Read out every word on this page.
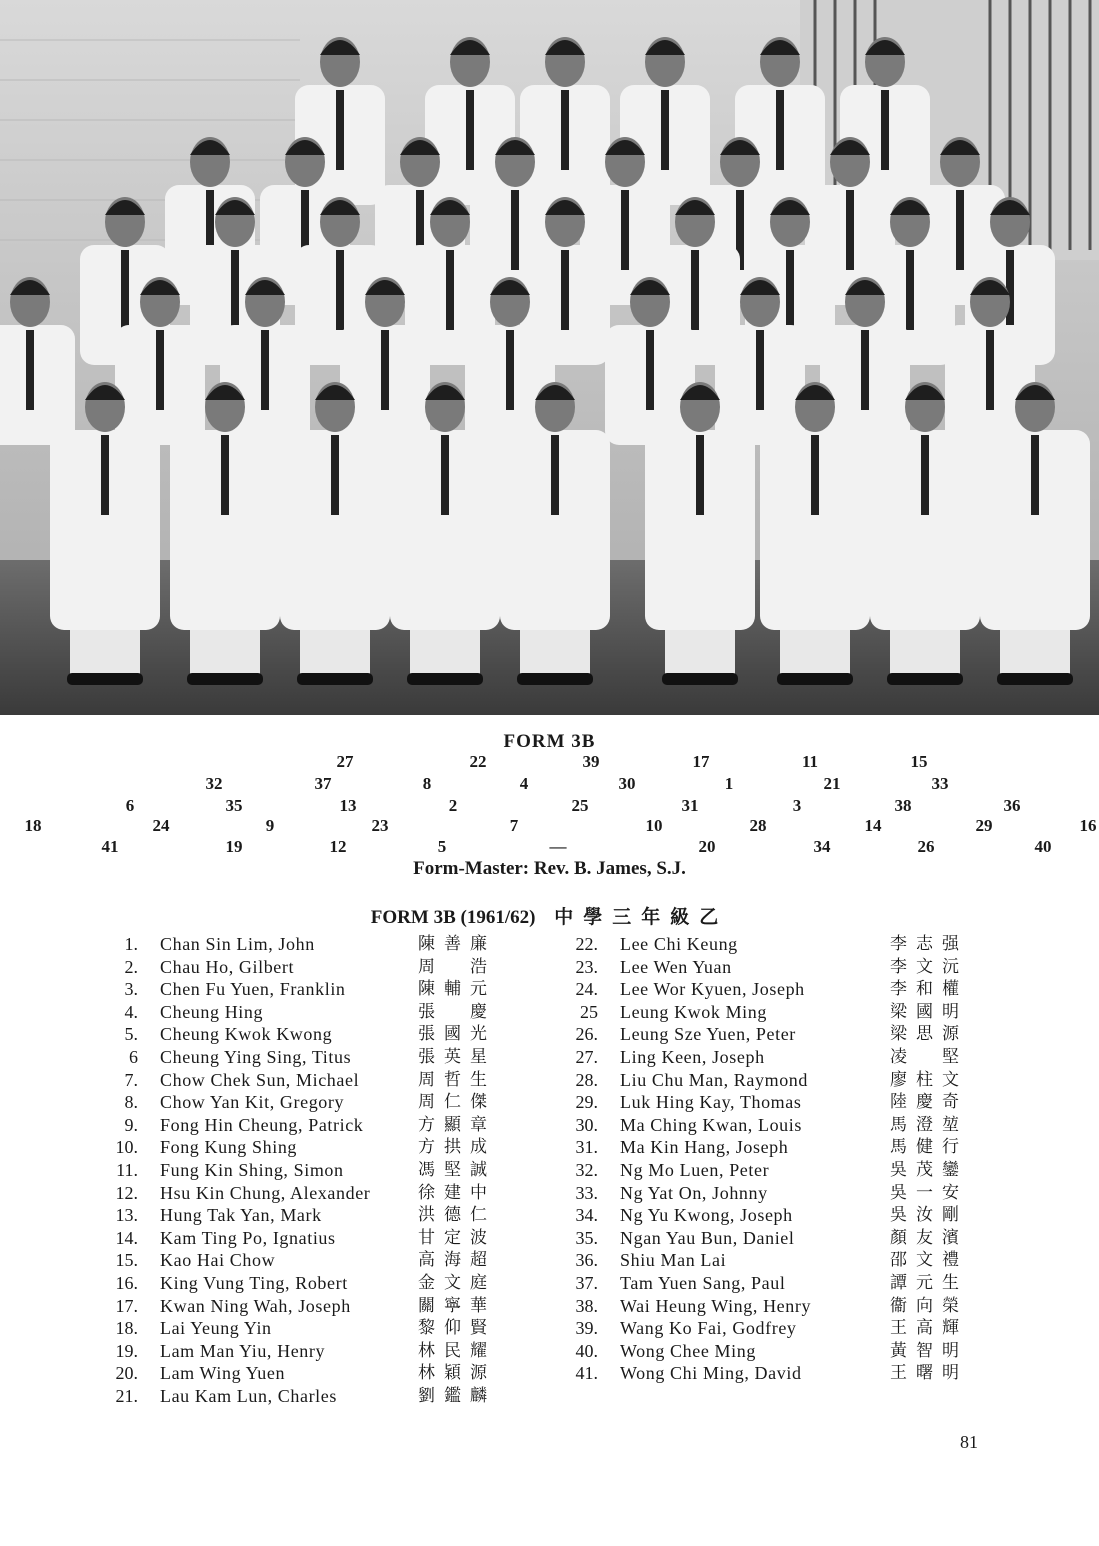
FORM 3B
27	22	39	17	11	15
32	37	8	4	30	1	21	33
6	35	13	2	25	31	3	38	36
18	24	9	23	7	10	28	14	29	16
41	19	12	5	—	20	34	26	40
Form-Master: Rev. B. James, S.J.
FORM 3B (1961/62) 中學三年級乙
1. Chan Sin Lim, John	陳善廉
2. Chau Ho, Gilbert	周　浩
3. Chen Fu Yuen, Franklin	陳輔元
4. Cheung Hing	張　慶
5. Cheung Kwok Kwong	張國光
6 Cheung Ying Sing, Titus	張英星
7. Chow Chek Sun, Michael	周哲生
8. Chow Yan Kit, Gregory	周仁傑
9. Fong Hin Cheung, Patrick	方顯章
10. Fong Kung Shing	方拱成
11. Fung Kin Shing, Simon	馮堅誠
12. Hsu Kin Chung, Alexander	徐建中
13. Hung Tak Yan, Mark	洪德仁
14. Kam Ting Po, Ignatius	甘定波
15. Kao Hai Chow	高海超
16. King Vung Ting, Robert	金文庭
17. Kwan Ning Wah, Joseph	關寧華
18. Lai Yeung Yin	黎仰賢
19. Lam Man Yiu, Henry	林民耀
20. Lam Wing Yuen	林穎源
21. Lau Kam Lun, Charles	劉鑑麟
22. Lee Chi Keung	李志强
23. Lee Wen Yuan	李文沅
24. Lee Wor Kyuen, Joseph	李和權
25 Leung Kwok Ming	梁國明
26. Leung Sze Yuen, Peter	梁思源
27. Ling Keen, Joseph	凌　堅
28. Liu Chu Man, Raymond	廖柱文
29. Luk Hing Kay, Thomas	陸慶奇
30. Ma Ching Kwan, Louis	馬澄堃
31. Ma Kin Hang, Joseph	馬健行
32. Ng Mo Luen, Peter	吳茂鑾
33. Ng Yat On, Johnny	吳一安
34. Ng Yu Kwong, Joseph	吳汝剛
35. Ngan Yau Bun, Daniel	顏友濱
36. Shiu Man Lai	邵文禮
37. Tam Yuen Sang, Paul	譚元生
38. Wai Heung Wing, Henry	衞向榮
39. Wang Ko Fai, Godfrey	王高輝
40. Wong Chee Ming	黃智明
41. Wong Chi Ming, David	王曙明
81
